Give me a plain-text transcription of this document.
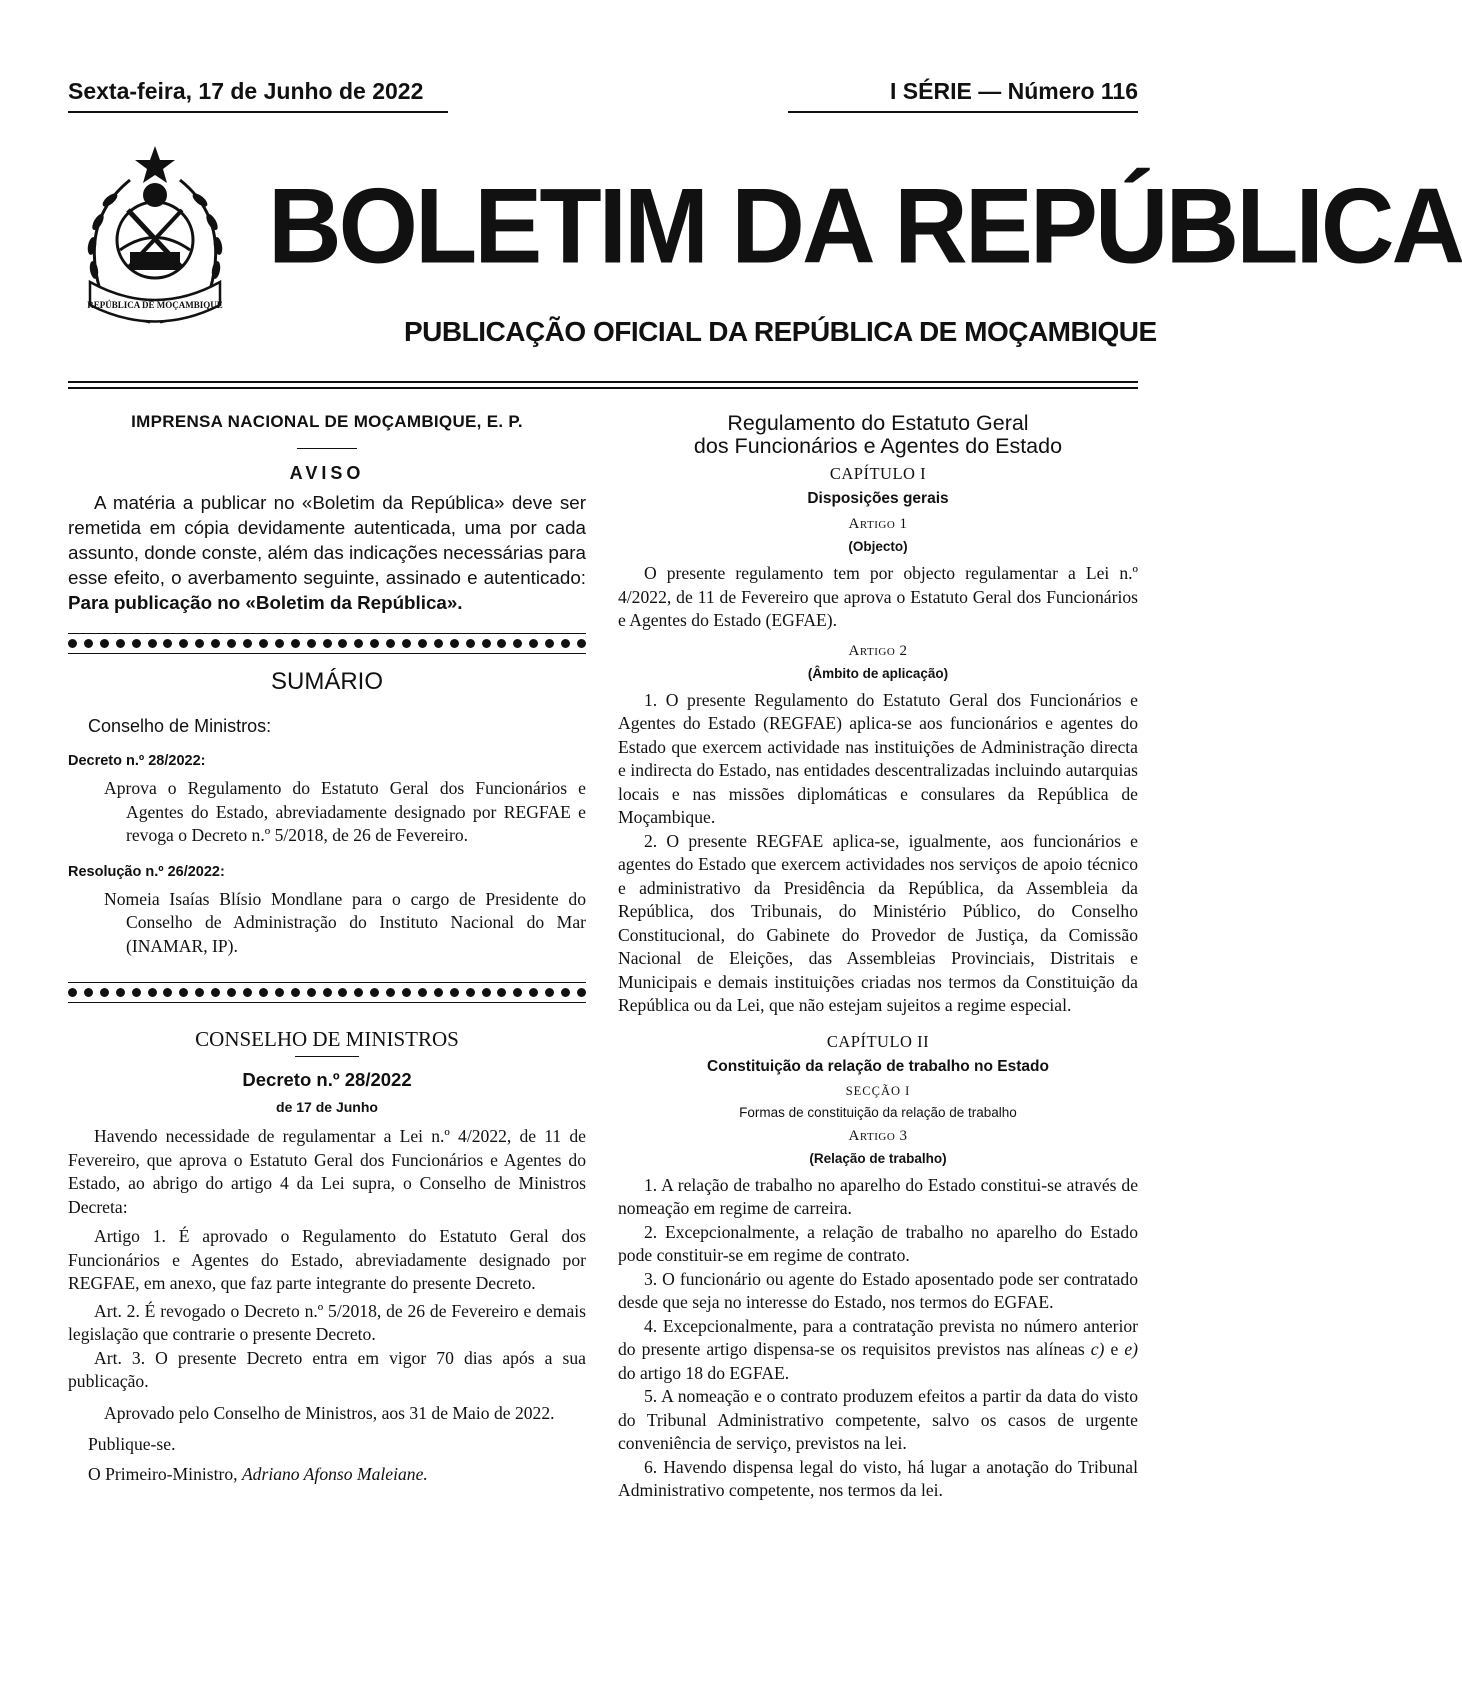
Sexta-feira, 17 de Junho de 2022	I SÉRIE — Número 116
REPÚBLICA DE MOÇAMBIQUE
BOLETIM DA REPÚBLICA
PUBLICAÇÃO OFICIAL DA REPÚBLICA DE MOÇAMBIQUE
IMPRENSA NACIONAL DE MOÇAMBIQUE, E. P.
AVISO

A matéria a publicar no «Boletim da República» deve ser remetida em cópia devidamente autenticada, uma por cada assunto, donde conste, além das indicações necessárias para esse efeito, o averbamento seguinte, assinado e autenticado: Para publicação no «Boletim da República».

SUMÁRIO
Conselho de Ministros:
Decreto n.º 28/2022:

Aprova o Regulamento do Estatuto Geral dos Funcionários e Agentes do Estado, abreviadamente designado por REGFAE e revoga o Decreto n.º 5/2018, de 26 de Fevereiro.

Resolução n.º 26/2022:

Nomeia Isaías Blísio Mondlane para o cargo de Presidente do Conselho de Administração do Instituto Nacional do Mar (INAMAR, IP).

CONSELHO DE MINISTROS
Decreto n.º 28/2022
de 17 de Junho

Havendo necessidade de regulamentar a Lei n.º 4/2022, de 11 de Fevereiro, que aprova o Estatuto Geral dos Funcionários e Agentes do Estado, ao abrigo do artigo 4 da Lei supra, o Conselho de Ministros Decreta:

Artigo 1. É aprovado o Regulamento do Estatuto Geral dos Funcionários e Agentes do Estado, abreviadamente designado por REGFAE, em anexo, que faz parte integrante do presente Decreto.

Art. 2. É revogado o Decreto n.º 5/2018, de 26 de Fevereiro e demais legislação que contrarie o presente Decreto.

Art. 3. O presente Decreto entra em vigor 70 dias após a sua publicação.

Aprovado pelo Conselho de Ministros, aos 31 de Maio de 2022.

Publique-se.

O Primeiro-Ministro, Adriano Afonso Maleiane.

Regulamento do Estatuto Geral
dos Funcionários e Agentes do Estado
CAPÍTULO I
Disposições gerais
Artigo 1
(Objecto)

O presente regulamento tem por objecto regulamentar a Lei n.º 4/2022, de 11 de Fevereiro que aprova o Estatuto Geral dos Funcionários e Agentes do Estado (EGFAE).

Artigo 2
(Âmbito de aplicação)

1. O presente Regulamento do Estatuto Geral dos Funcionários e Agentes do Estado (REGFAE) aplica-se aos funcionários e agentes do Estado que exercem actividade nas instituições de Administração directa e indirecta do Estado, nas entidades descentralizadas incluindo autarquias locais e nas missões diplomáticas e consulares da República de Moçambique.

2. O presente REGFAE aplica-se, igualmente, aos funcionários e agentes do Estado que exercem actividades nos serviços de apoio técnico e administrativo da Presidência da República, da Assembleia da República, dos Tribunais, do Ministério Público, do Conselho Constitucional, do Gabinete do Provedor de Justiça, da Comissão Nacional de Eleições, das Assembleias Provinciais, Distritais e Municipais e demais instituições criadas nos termos da Constituição da República ou da Lei, que não estejam sujeitos a regime especial.

CAPÍTULO II
Constituição da relação de trabalho no Estado
SECÇÃO I
Formas de constituição da relação de trabalho
Artigo 3
(Relação de trabalho)

1. A relação de trabalho no aparelho do Estado constitui-se através de nomeação em regime de carreira.

2. Excepcionalmente, a relação de trabalho no aparelho do Estado pode constituir-se em regime de contrato.

3. O funcionário ou agente do Estado aposentado pode ser contratado desde que seja no interesse do Estado, nos termos do EGFAE.

4. Excepcionalmente, para a contratação prevista no número anterior do presente artigo dispensa-se os requisitos previstos nas alíneas c) e e) do artigo 18 do EGFAE.

5. A nomeação e o contrato produzem efeitos a partir da data do visto do Tribunal Administrativo competente, salvo os casos de urgente conveniência de serviço, previstos na lei.

6. Havendo dispensa legal do visto, há lugar a anotação do Tribunal Administrativo competente, nos termos da lei.
